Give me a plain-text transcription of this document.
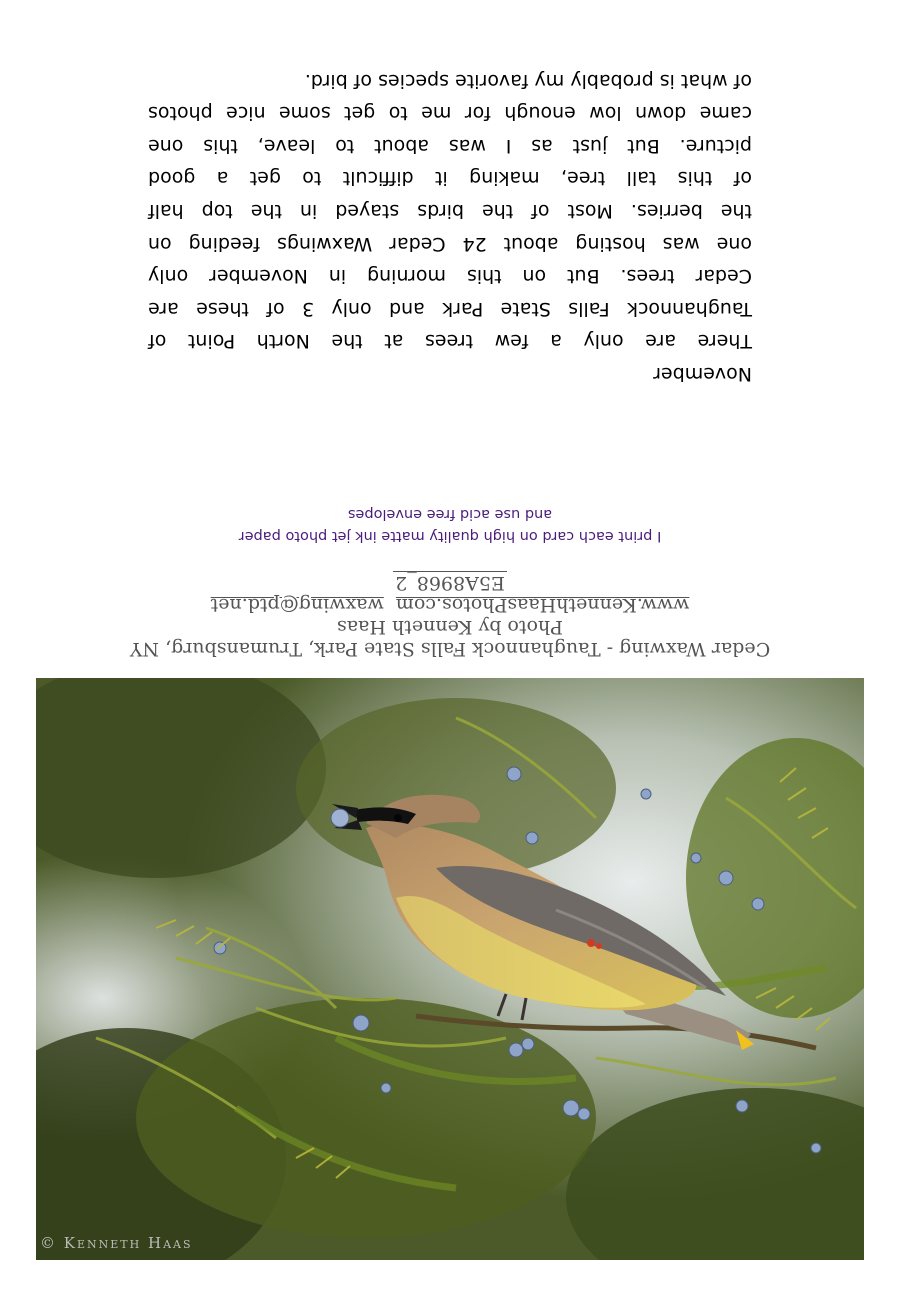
Cedar Waxwing - Taughannock Falls State Park, Trumansburg, NY
Photo by Kenneth Haas
www.KennethHaasPhotos.com  waxwing@ptd.net
E5A8968_2
I print each card on high quality matte ink jet photo paper
and use acid free envelopes
November
There are only a few trees at the North Point of
Taughannock Falls State Park and only 3 of these are
Cedar trees. But on this morning in November only
one was hosting about 24 Cedar Waxwings feeding on
the berries. Most of the birds stayed in the top half
of this tall tree, making it difficult to get a good
picture. But just as I was about to leave, this one
came down low enough for me to get some nice photos
of what is probably my favorite species of bird.
© Kenneth Haas
